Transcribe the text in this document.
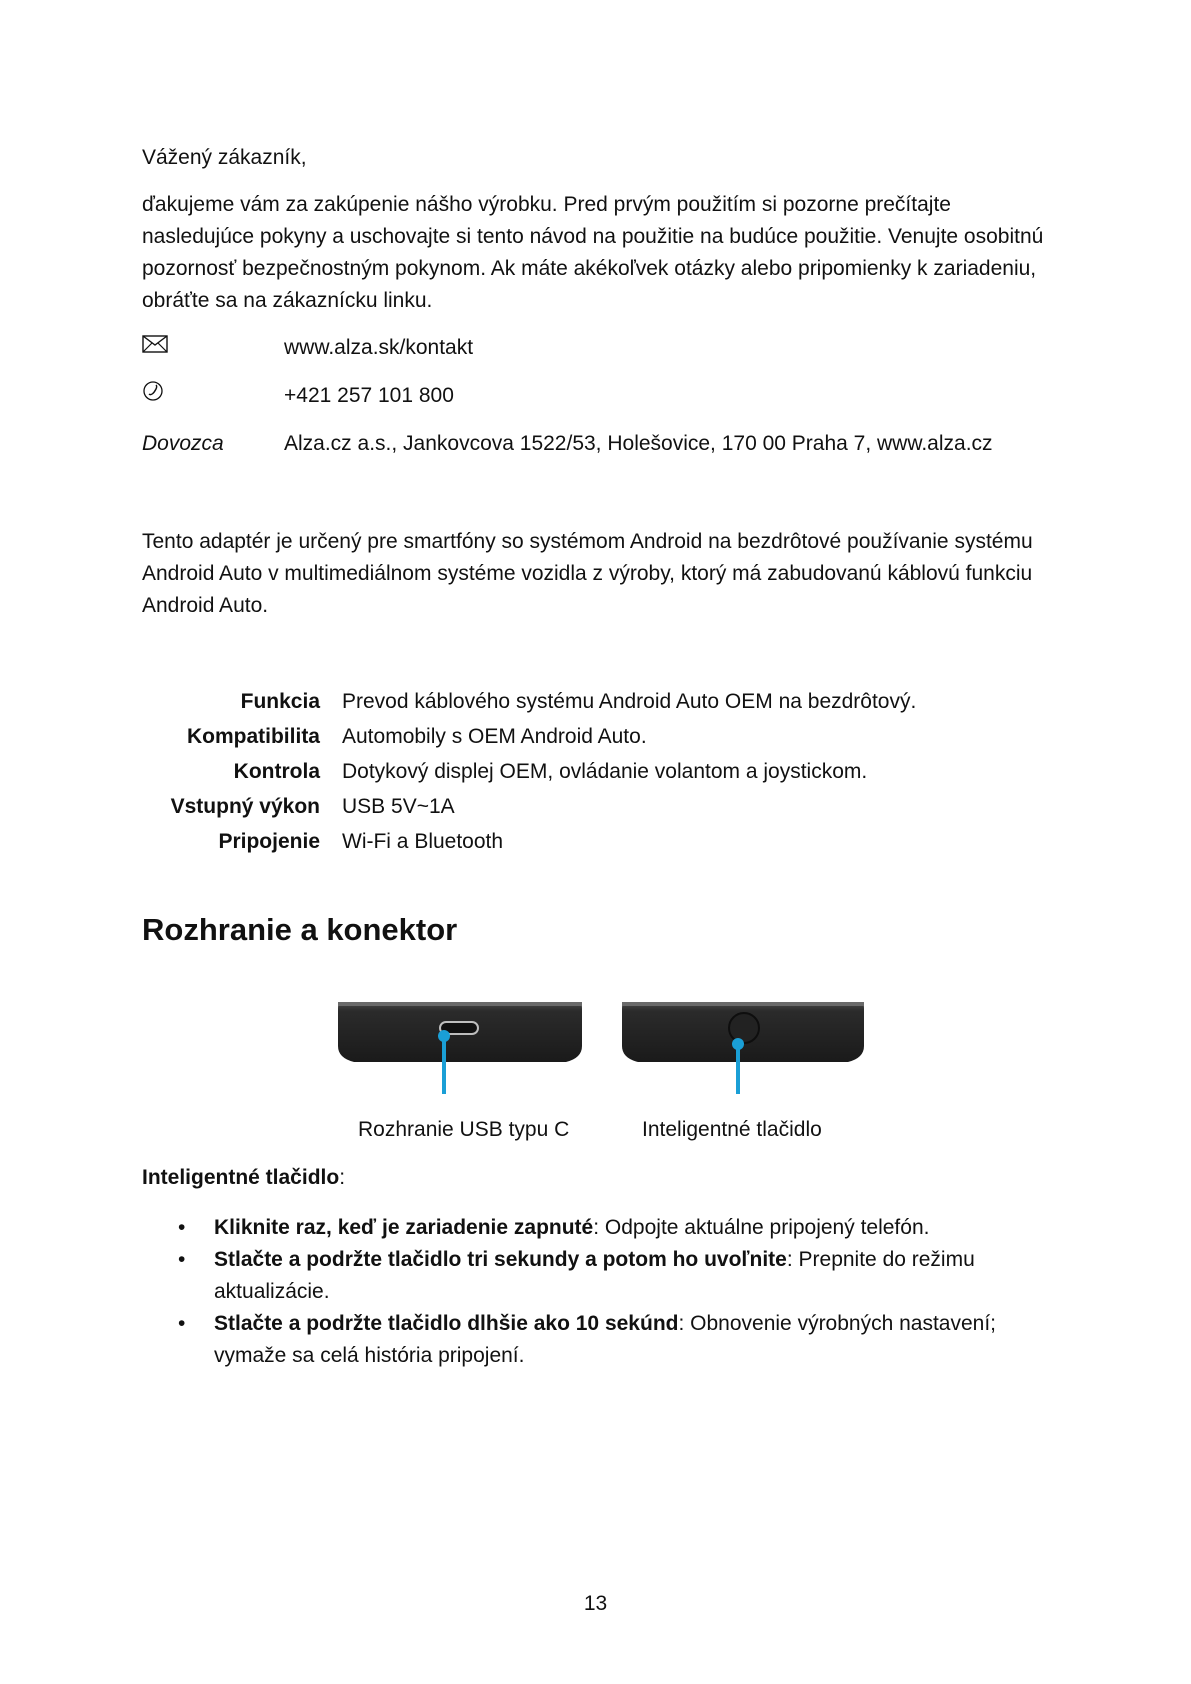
Vážený zákazník,
ďakujeme vám za zakúpenie nášho výrobku. Pred prvým použitím si pozorne prečítajte nasledujúce pokyny a uschovajte si tento návod na použitie na budúce použitie. Venujte osobitnú pozornosť bezpečnostným pokynom. Ak máte akékoľvek otázky alebo pripomienky k zariadeniu, obráťte sa na zákaznícku linku.
www.alza.sk/kontakt
+421 257 101 800
Dovozca	Alza.cz a.s., Jankovcova 1522/53, Holešovice, 170 00 Praha 7, www.alza.cz
Tento adaptér je určený pre smartfóny so systémom Android na bezdrôtové používanie systému Android Auto v multimediálnom systéme vozidla z výroby, ktorý má zabudovanú káblovú funkciu Android Auto.
Funkcia Prevod káblového systému Android Auto OEM na bezdrôtový.
Kompatibilita Automobily s OEM Android Auto.
Kontrola Dotykový displej OEM, ovládanie volantom a joystickom.
Vstupný výkon USB 5V~1A
Pripojenie Wi-Fi a Bluetooth
Rozhranie a konektor
Rozhranie USB typu C	Inteligentné tlačidlo
Inteligentné tlačidlo:
• Kliknite raz, keď je zariadenie zapnuté: Odpojte aktuálne pripojený telefón.
• Stlačte a podržte tlačidlo tri sekundy a potom ho uvoľnite: Prepnite do režimu aktualizácie.
• Stlačte a podržte tlačidlo dlhšie ako 10 sekúnd: Obnovenie výrobných nastavení; vymaže sa celá história pripojení.
13
